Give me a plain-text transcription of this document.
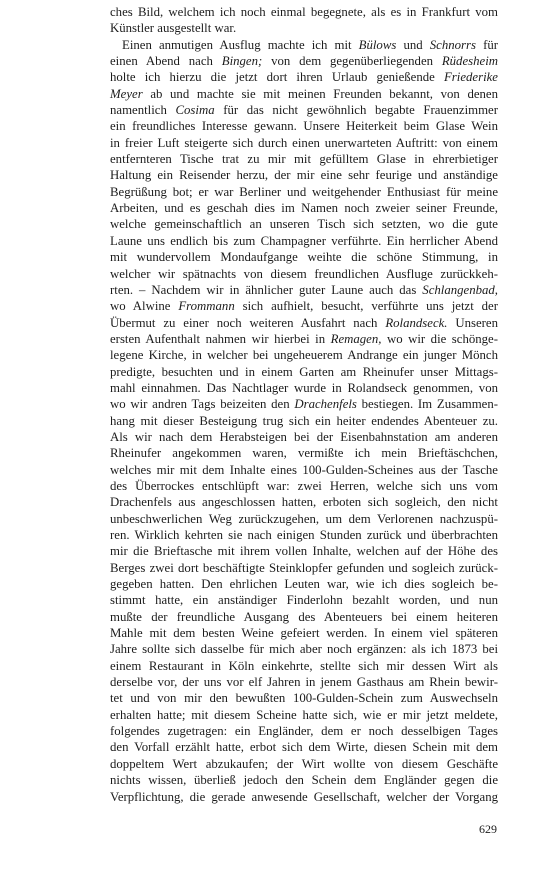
ches Bild, welchem ich noch einmal begegnete, als es in Frankfurt vom
Künstler ausgestellt war.
Einen anmutigen Ausflug machte ich mit Bülows und Schnorrs für
einen Abend nach Bingen; von dem gegenüberliegenden Rüdesheim
holte ich hierzu die jetzt dort ihren Urlaub genießende Friederike
Meyer ab und machte sie mit meinen Freunden bekannt, von denen
namentlich Cosima für das nicht gewöhnlich begabte Frauenzimmer
ein freundliches Interesse gewann. Unsere Heiterkeit beim Glase Wein
in freier Luft steigerte sich durch einen unerwarteten Auftritt: von einem
entfernteren Tische trat zu mir mit gefülltem Glase in ehrerbietiger
Haltung ein Reisender herzu, der mir eine sehr feurige und anständige
Begrüßung bot; er war Berliner und weitgehender Enthusiast für meine
Arbeiten, und es geschah dies im Namen noch zweier seiner Freunde,
welche gemeinschaftlich an unseren Tisch sich setzten, wo die gute
Laune uns endlich bis zum Champagner verführte. Ein herrlicher Abend
mit wundervollem Mondaufgange weihte die schöne Stimmung, in
welcher wir spätnachts von diesem freundlichen Ausfluge zurückkeh-
rten. – Nachdem wir in ähnlicher guter Laune auch das Schlangenbad,
wo Alwine Frommann sich aufhielt, besucht, verführte uns jetzt der
Übermut zu einer noch weiteren Ausfahrt nach Rolandseck. Unseren
ersten Aufenthalt nahmen wir hierbei in Remagen, wo wir die schönge-
legene Kirche, in welcher bei ungeheuerem Andrange ein junger Mönch
predigte, besuchten und in einem Garten am Rheinufer unser Mittags-
mahl einnahmen. Das Nachtlager wurde in Rolandseck genommen, von
wo wir andren Tags beizeiten den Drachenfels bestiegen. Im Zusammen-
hang mit dieser Besteigung trug sich ein heiter endendes Abenteuer zu.
Als wir nach dem Herabsteigen bei der Eisenbahnstation am anderen
Rheinufer angekommen waren, vermißte ich mein Brieftäschchen,
welches mir mit dem Inhalte eines 100-Gulden-Scheines aus der Tasche
des Überrockes entschlüpft war: zwei Herren, welche sich uns vom
Drachenfels aus angeschlossen hatten, erboten sich sogleich, den nicht
unbeschwerlichen Weg zurückzugehen, um dem Verlorenen nachzuspü-
ren. Wirklich kehrten sie nach einigen Stunden zurück und überbrachten
mir die Brieftasche mit ihrem vollen Inhalte, welchen auf der Höhe des
Berges zwei dort beschäftigte Steinklopfer gefunden und sogleich zurück-
gegeben hatten. Den ehrlichen Leuten war, wie ich dies sogleich be-
stimmt hatte, ein anständiger Finderlohn bezahlt worden, und nun
mußte der freundliche Ausgang des Abenteuers bei einem heiteren
Mahle mit dem besten Weine gefeiert werden. In einem viel späteren
Jahre sollte sich dasselbe für mich aber noch ergänzen: als ich 1873 bei
einem Restaurant in Köln einkehrte, stellte sich mir dessen Wirt als
derselbe vor, der uns vor elf Jahren in jenem Gasthaus am Rhein bewir-
tet und von mir den bewußten 100-Gulden-Schein zum Auswechseln
erhalten hatte; mit diesem Scheine hatte sich, wie er mir jetzt meldete,
folgendes zugetragen: ein Engländer, dem er noch desselbigen Tages
den Vorfall erzählt hatte, erbot sich dem Wirte, diesen Schein mit dem
doppeltem Wert abzukaufen; der Wirt wollte von diesem Geschäfte
nichts wissen, überließ jedoch den Schein dem Engländer gegen die
Verpflichtung, die gerade anwesende Gesellschaft, welcher der Vorgang
629
